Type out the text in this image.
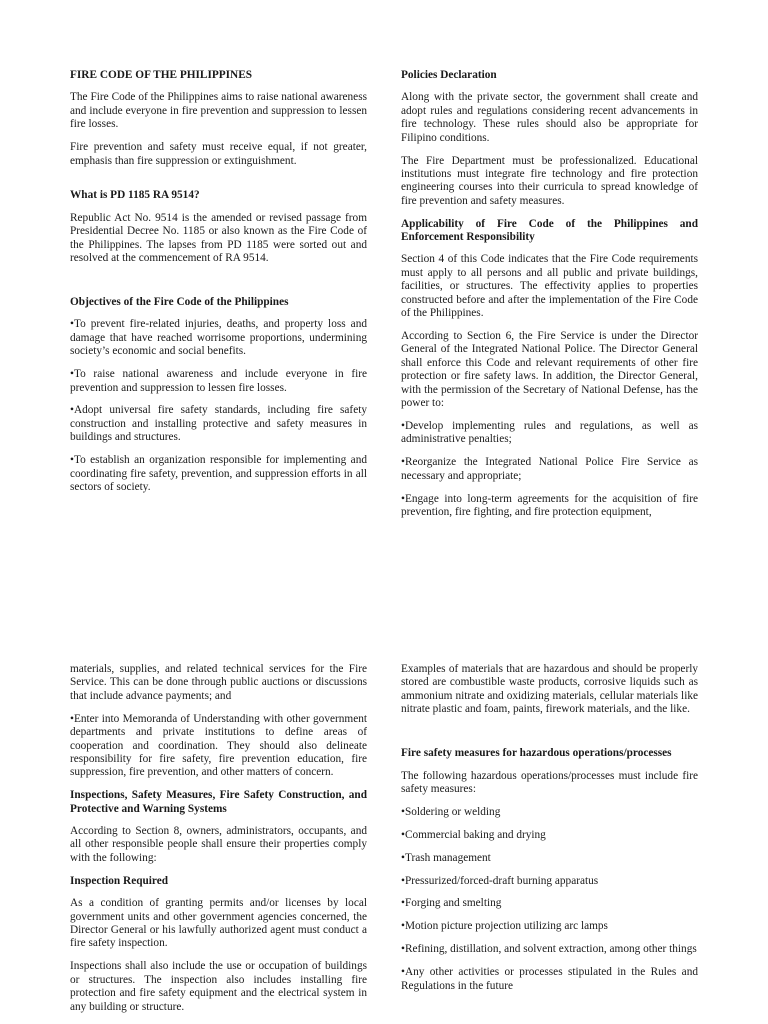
FIRE CODE OF THE PHILIPPINES

The Fire Code of the Philippines aims to raise national awareness and include everyone in fire prevention and suppression to lessen fire losses.

Fire prevention and safety must receive equal, if not greater, emphasis than fire suppression or extinguishment.

What is PD 1185 RA 9514?

Republic Act No. 9514 is the amended or revised passage from Presidential Decree No. 1185 or also known as the Fire Code of the Philippines. The lapses from PD 1185 were sorted out and resolved at the commencement of RA 9514.

Objectives of the Fire Code of the Philippines

•To prevent fire-related injuries, deaths, and property loss and damage that have reached worrisome proportions, undermining society’s economic and social benefits.

•To raise national awareness and include everyone in fire prevention and suppression to lessen fire losses.

•Adopt universal fire safety standards, including fire safety construction and installing protective and safety measures in buildings and structures.

•To establish an organization responsible for implementing and coordinating fire safety, prevention, and suppression efforts in all sectors of society.

Policies Declaration

Along with the private sector, the government shall create and adopt rules and regulations considering recent advancements in fire technology. These rules should also be appropriate for Filipino conditions.

The Fire Department must be professionalized. Educational institutions must integrate fire technology and fire protection engineering courses into their curricula to spread knowledge of fire prevention and safety measures.

Applicability of Fire Code of the Philippines and Enforcement Responsibility

Section 4 of this Code indicates that the Fire Code requirements must apply to all persons and all public and private buildings, facilities, or structures. The effectivity applies to properties constructed before and after the implementation of the Fire Code of the Philippines.

According to Section 6, the Fire Service is under the Director General of the Integrated National Police. The Director General shall enforce this Code and relevant requirements of other fire protection or fire safety laws. In addition, the Director General, with the permission of the Secretary of National Defense, has the power to:

•Develop implementing rules and regulations, as well as administrative penalties;

•Reorganize the Integrated National Police Fire Service as necessary and appropriate;

•Engage into long-term agreements for the acquisition of fire prevention, fire fighting, and fire protection equipment,

materials, supplies, and related technical services for the Fire Service. This can be done through public auctions or discussions that include advance payments; and

•Enter into Memoranda of Understanding with other government departments and private institutions to define areas of cooperation and coordination. They should also delineate responsibility for fire safety, fire prevention education, fire suppression, fire prevention, and other matters of concern.

Inspections, Safety Measures, Fire Safety Construction, and Protective and Warning Systems

According to Section 8, owners, administrators, occupants, and all other responsible people shall ensure their properties comply with the following:

Inspection Required

As a condition of granting permits and/or licenses by local government units and other government agencies concerned, the Director General or his lawfully authorized agent must conduct a fire safety inspection.

Inspections shall also include the use or occupation of buildings or structures. The inspection also includes installing fire protection and fire safety equipment and the electrical system in any building or structure.

Examples of materials that are hazardous and should be properly stored are combustible waste products, corrosive liquids such as ammonium nitrate and oxidizing materials, cellular materials like nitrate plastic and foam, paints, firework materials, and the like.

Fire safety measures for hazardous operations/processes

The following hazardous operations/processes must include fire safety measures:

•Soldering or welding

•Commercial baking and drying

•Trash management

•Pressurized/forced-draft burning apparatus

•Forging and smelting

•Motion picture projection utilizing arc lamps

•Refining, distillation, and solvent extraction, among other things

•Any other activities or processes stipulated in the Rules and Regulations in the future
